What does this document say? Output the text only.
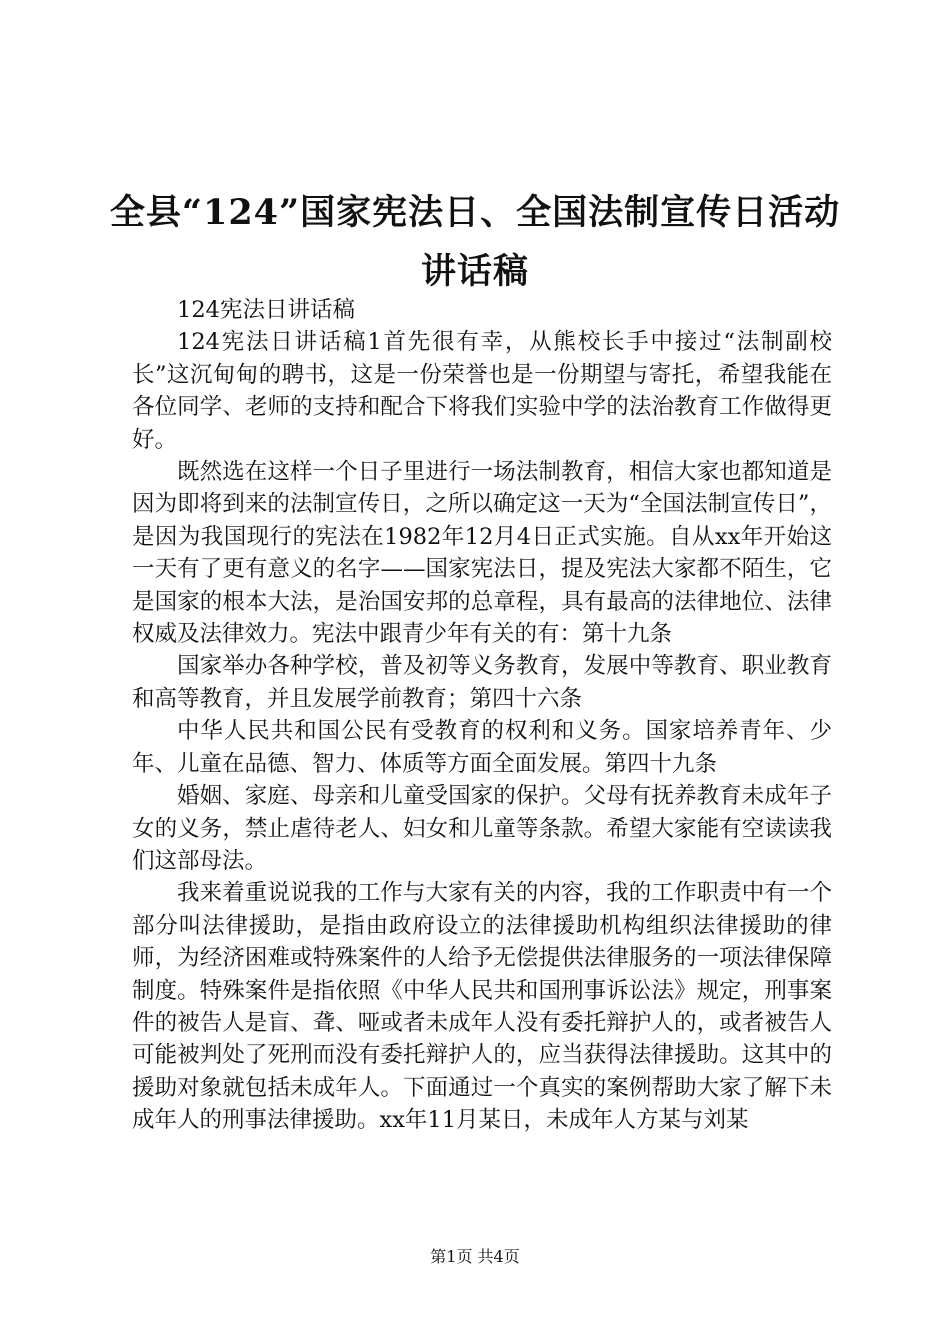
全县“124”国家宪法日、全国法制宣传日活动讲话稿

124宪法日讲话稿

124宪法日讲话稿1首先很有幸，从熊校长手中接过“法制副校长”这沉甸甸的聘书，这是一份荣誉也是一份期望与寄托，希望我能在各位同学、老师的支持和配合下将我们实验中学的法治教育工作做得更好。

既然选在这样一个日子里进行一场法制教育，相信大家也都知道是因为即将到来的法制宣传日，之所以确定这一天为“全国法制宣传日”，是因为我国现行的宪法在1982年12月4日正式实施。自从xx年开始这一天有了更有意义的名字——国家宪法日，提及宪法大家都不陌生，它是国家的根本大法，是治国安邦的总章程，具有最高的法律地位、法律权威及法律效力。宪法中跟青少年有关的有：第十九条

国家举办各种学校，普及初等义务教育，发展中等教育、职业教育和高等教育，并且发展学前教育；第四十六条

中华人民共和国公民有受教育的权利和义务。国家培养青年、少年、儿童在品德、智力、体质等方面全面发展。第四十九条

婚姻、家庭、母亲和儿童受国家的保护。父母有抚养教育未成年子女的义务，禁止虐待老人、妇女和儿童等条款。希望大家能有空读读我们这部母法。

我来着重说说我的工作与大家有关的内容，我的工作职责中有一个部分叫法律援助，是指由政府设立的法律援助机构组织法律援助的律师，为经济困难或特殊案件的人给予无偿提供法律服务的一项法律保障制度。特殊案件是指依照《中华人民共和国刑事诉讼法》规定，刑事案件的被告人是盲、聋、哑或者未成年人没有委托辩护人的，或者被告人可能被判处了死刑而没有委托辩护人的，应当获得法律援助。这其中的援助对象就包括未成年人。下面通过一个真实的案例帮助大家了解下未成年人的刑事法律援助。xx年11月某日，未成年人方某与刘某

第1页 共4页
